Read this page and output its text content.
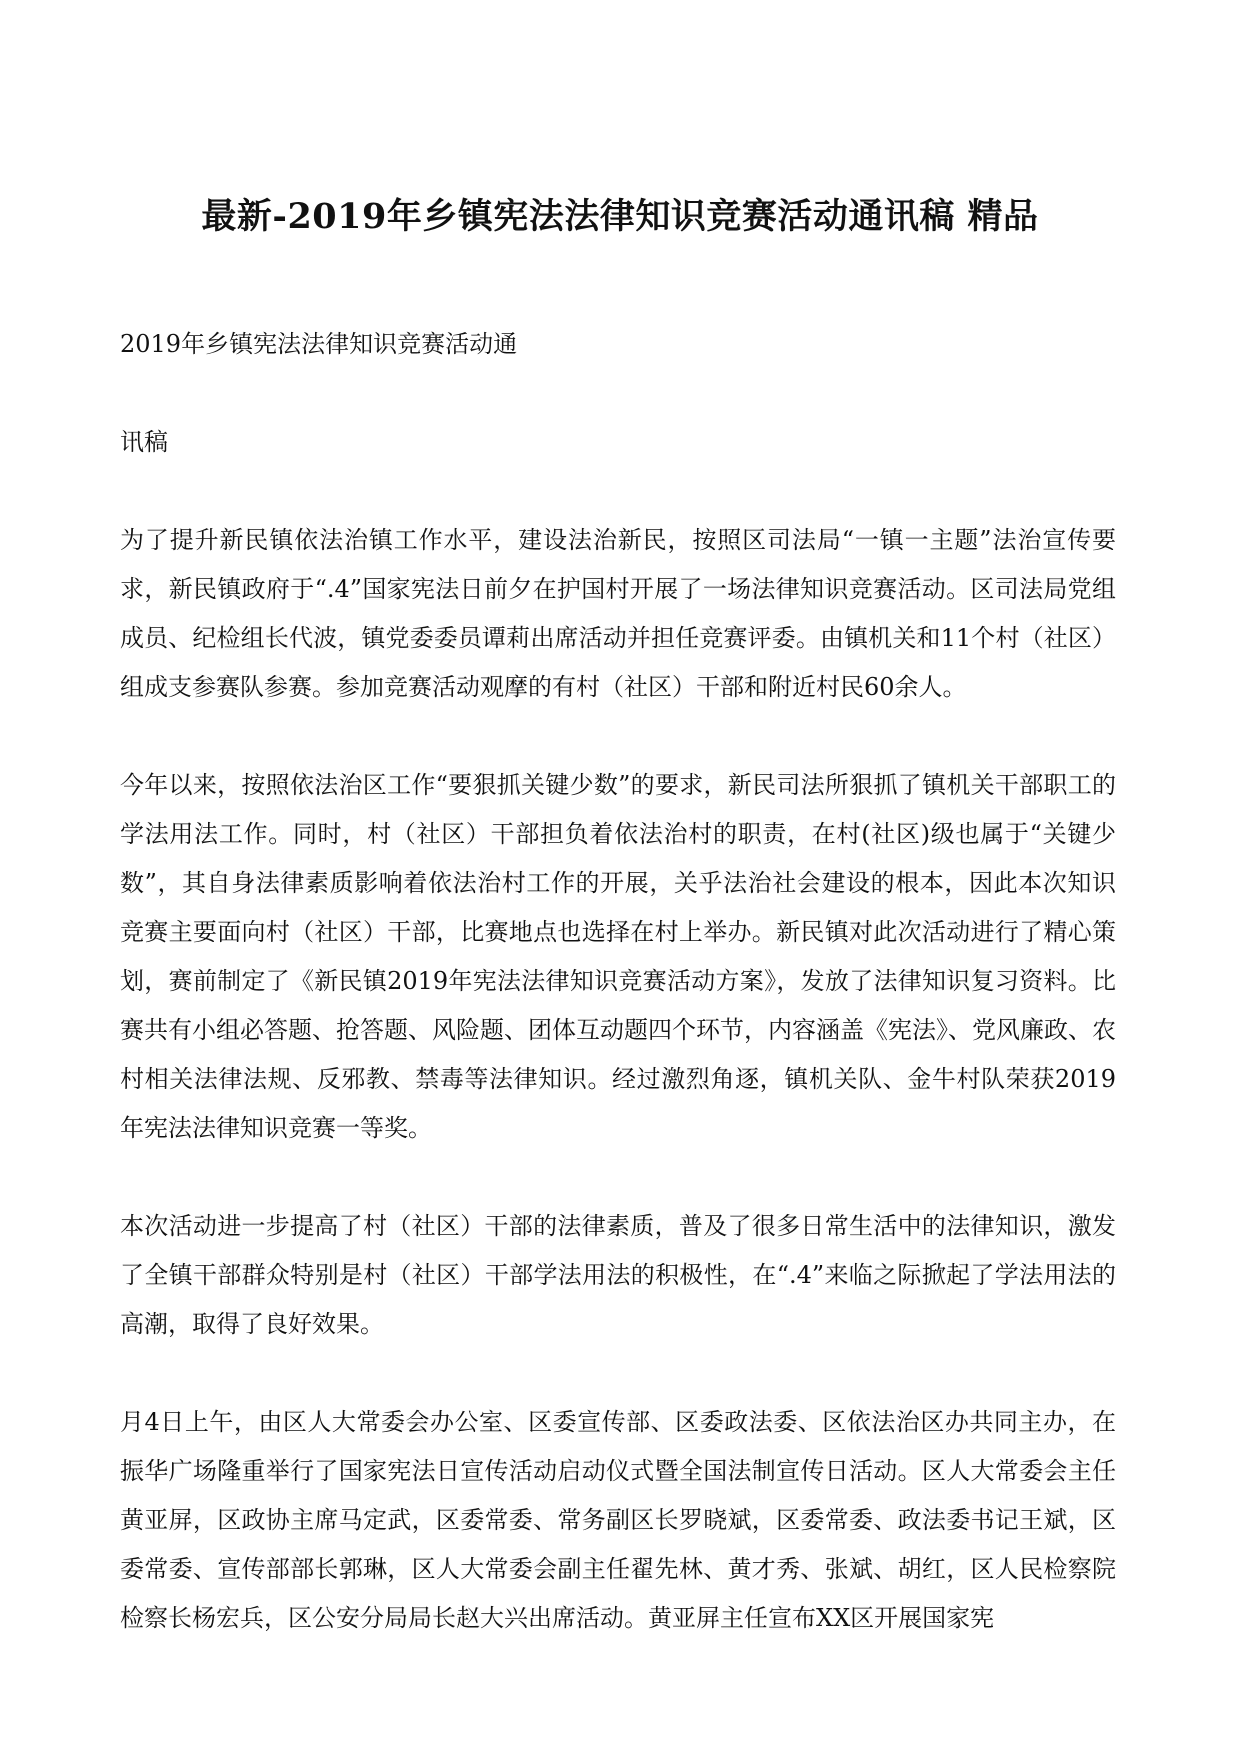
最新-2019年乡镇宪法法律知识竞赛活动通讯稿 精品

2019年乡镇宪法法律知识竞赛活动通

讯稿

为了提升新民镇依法治镇工作水平，建设法治新民，按照区司法局“一镇一主题”法治宣传要求，新民镇政府于“.4”国家宪法日前夕在护国村开展了一场法律知识竞赛活动。区司法局党组成员、纪检组长代波，镇党委委员谭莉出席活动并担任竞赛评委。由镇机关和11个村（社区）组成支参赛队参赛。参加竞赛活动观摩的有村（社区）干部和附近村民60余人。

今年以来，按照依法治区工作“要狠抓关键少数”的要求，新民司法所狠抓了镇机关干部职工的学法用法工作。同时，村（社区）干部担负着依法治村的职责，在村(社区)级也属于“关键少数”，其自身法律素质影响着依法治村工作的开展，关乎法治社会建设的根本，因此本次知识竞赛主要面向村（社区）干部，比赛地点也选择在村上举办。新民镇对此次活动进行了精心策划，赛前制定了《新民镇2019年宪法法律知识竞赛活动方案》，发放了法律知识复习资料。比赛共有小组必答题、抢答题、风险题、团体互动题四个环节，内容涵盖《宪法》、党风廉政、农村相关法律法规、反邪教、禁毒等法律知识。经过激烈角逐，镇机关队、金牛村队荣获2019年宪法法律知识竞赛一等奖。

本次活动进一步提高了村（社区）干部的法律素质，普及了很多日常生活中的法律知识，激发了全镇干部群众特别是村（社区）干部学法用法的积极性，在“.4”来临之际掀起了学法用法的高潮，取得了良好效果。

月4日上午，由区人大常委会办公室、区委宣传部、区委政法委、区依法治区办共同主办，在振华广场隆重举行了国家宪法日宣传活动启动仪式暨全国法制宣传日活动。区人大常委会主任黄亚屏，区政协主席马定武，区委常委、常务副区长罗晓斌，区委常委、政法委书记王斌，区委常委、宣传部部长郭琳，区人大常委会副主任翟先林、黄才秀、张斌、胡红，区人民检察院检察长杨宏兵，区公安分局局长赵大兴出席活动。黄亚屏主任宣布XX区开展国家宪
